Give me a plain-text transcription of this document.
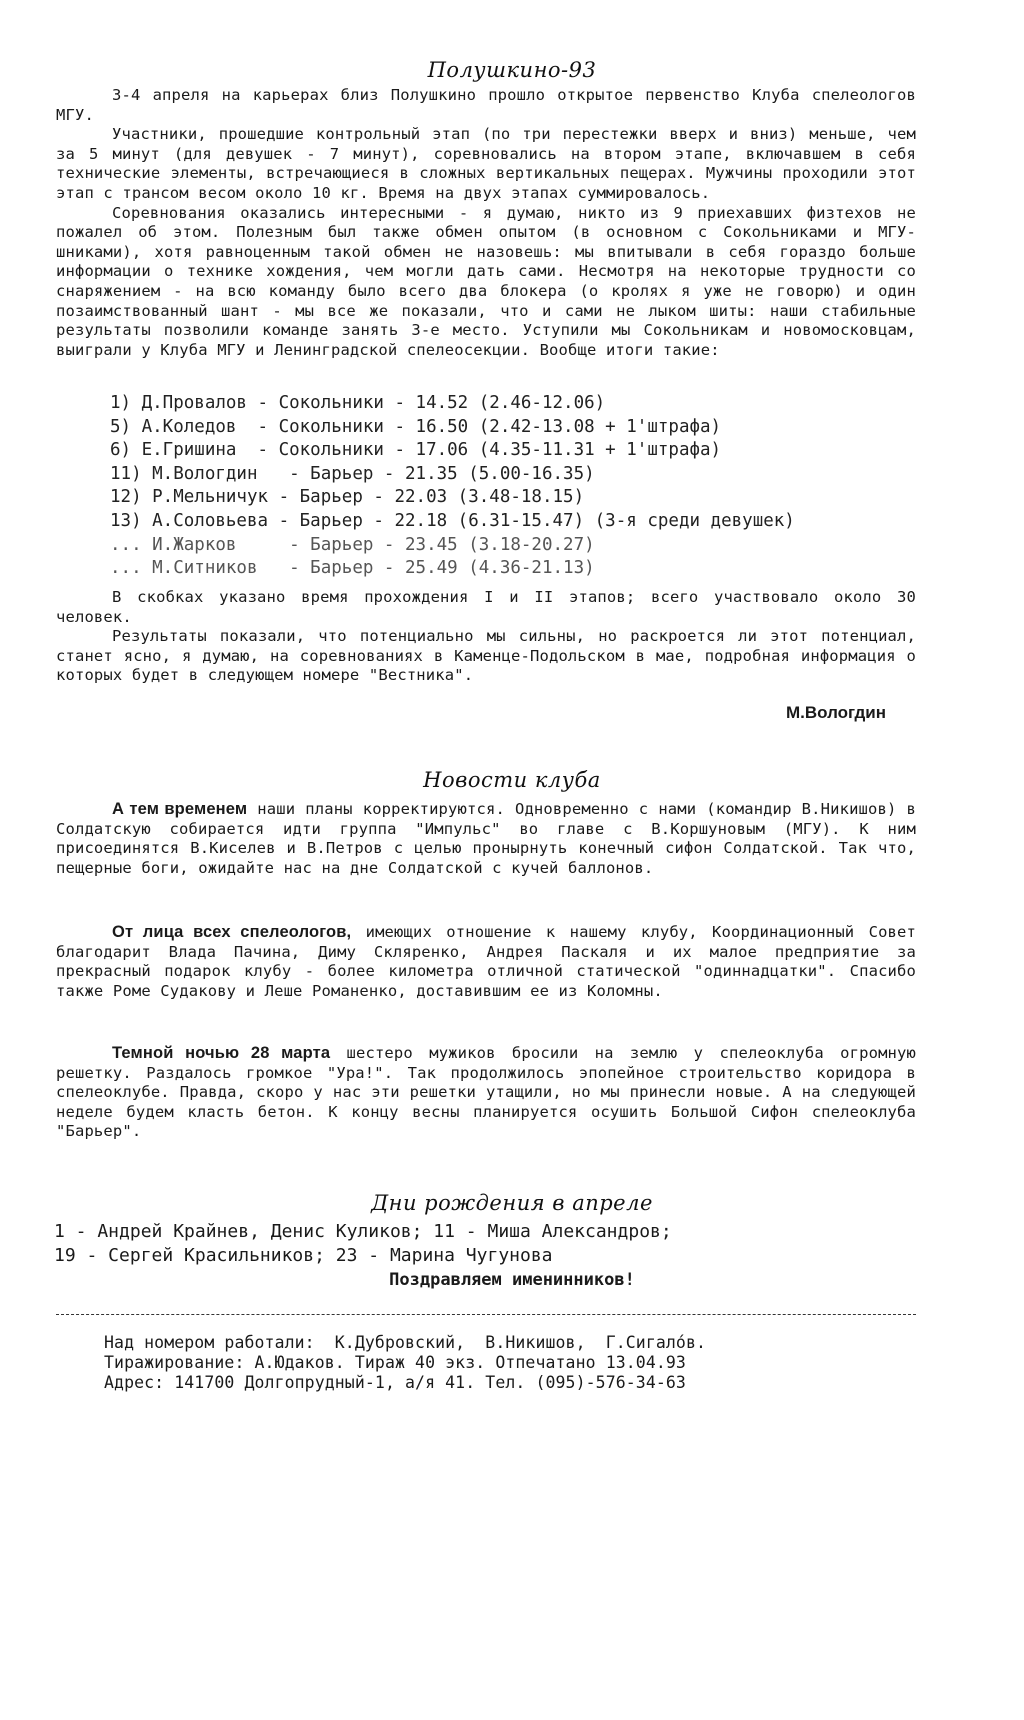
Полушкино-93

3-4 апреля на карьерах близ Полушкино прошло открытое первенство Клуба спелеологов МГУ.

Участники, прошедшие контрольный этап (по три перестежки вверх и вниз) меньше, чем за 5 минут (для девушек - 7 минут), соревновались на втором этапе, включавшем в себя технические элементы, встречающиеся в сложных вертикальных пещерах. Мужчины проходили этот этап с трансом весом около 10 кг. Время на двух этапах суммировалось.

Соревнования оказались интересными - я думаю, никто из 9 приехавших физтехов не пожалел об этом. Полезным был также обмен опытом (в основном с Сокольниками и МГУ-шниками), хотя равноценным такой обмен не назовешь: мы впитывали в себя гораздо больше информации о технике хождения, чем могли дать сами. Несмотря на некоторые трудности со снаряжением - на всю команду было всего два блокера (о кролях я уже не говорю) и один позаимствованный шант - мы все же показали, что и сами не лыком шиты: наши стабильные результаты позволили команде занять 3-е место. Уступили мы Сокольникам и новомосковцам, выиграли у Клуба МГУ и Ленинградской спелеосекции. Вообще итоги такие:

1) Д.Провалов - Сокольники - 14.52 (2.46-12.06)
5) А.Коледов  - Сокольники - 16.50 (2.42-13.08 + 1'штрафа)
6) Е.Гришина  - Сокольники - 17.06 (4.35-11.31 + 1'штрафа)
11) М.Вологдин   - Барьер - 21.35 (5.00-16.35)
12) Р.Мельничук - Барьер - 22.03 (3.48-18.15)
13) А.Соловьева - Барьер - 22.18 (6.31-15.47) (3-я среди девушек)
... И.Жарков     - Барьер - 23.45 (3.18-20.27)
... М.Ситников   - Барьер - 25.49 (4.36-21.13)

В скобках указано время прохождения I и II этапов; всего участвовало около 30 человек.

Результаты показали, что потенциально мы сильны, но раскроется ли этот потенциал, станет ясно, я думаю, на соревнованиях в Каменце-Подольском в мае, подробная информация о которых будет в следующем номере "Вестника".

М.Вологдин
Новости клуба

А тем временем наши планы корректируются. Одновременно с нами (командир В.Никишов) в Солдатскую собирается идти группа "Импульс" во главе с В.Коршуновым (МГУ). К ним присоединятся В.Киселев и В.Петров с целью пронырнуть конечный сифон Солдатской. Так что, пещерные боги, ожидайте нас на дне Солдатской с кучей баллонов.

От лица всех спелеологов, имеющих отношение к нашему клубу, Координационный Совет благодарит Влада Пачина, Диму Скляренко, Андрея Паскаля и их малое предприятие за прекрасный подарок клубу - более километра отличной статической "одиннадцатки". Спасибо также Роме Судакову и Леше Романенко, доставившим ее из Коломны.

Темной ночью 28 марта шестеро мужиков бросили на землю у спелеоклуба огромную решетку. Раздалось громкое "Ура!". Так продолжилось эпопейное строительство коридора в спелеоклубе. Правда, скоро у нас эти решетки утащили, но мы принесли новые. А на следующей неделе будем класть бетон. К концу весны планируется осушить Большой Сифон спелеоклуба "Барьер".

Дни рождения в апреле
1 - Андрей Крайнев, Денис Куликов; 11 - Миша Александров;
19 - Сергей Красильников; 23 - Марина Чугунова
Поздравляем именинников!
Над номером работали:  К.Дубровский,  В.Никишов,  Г.Сигало́в.
Тиражирование: А.Юдаков. Тираж 40 экз. Отпечатано 13.04.93
Адрес: 141700 Долгопрудный-1, а/я 41. Тел. (095)-576-34-63
